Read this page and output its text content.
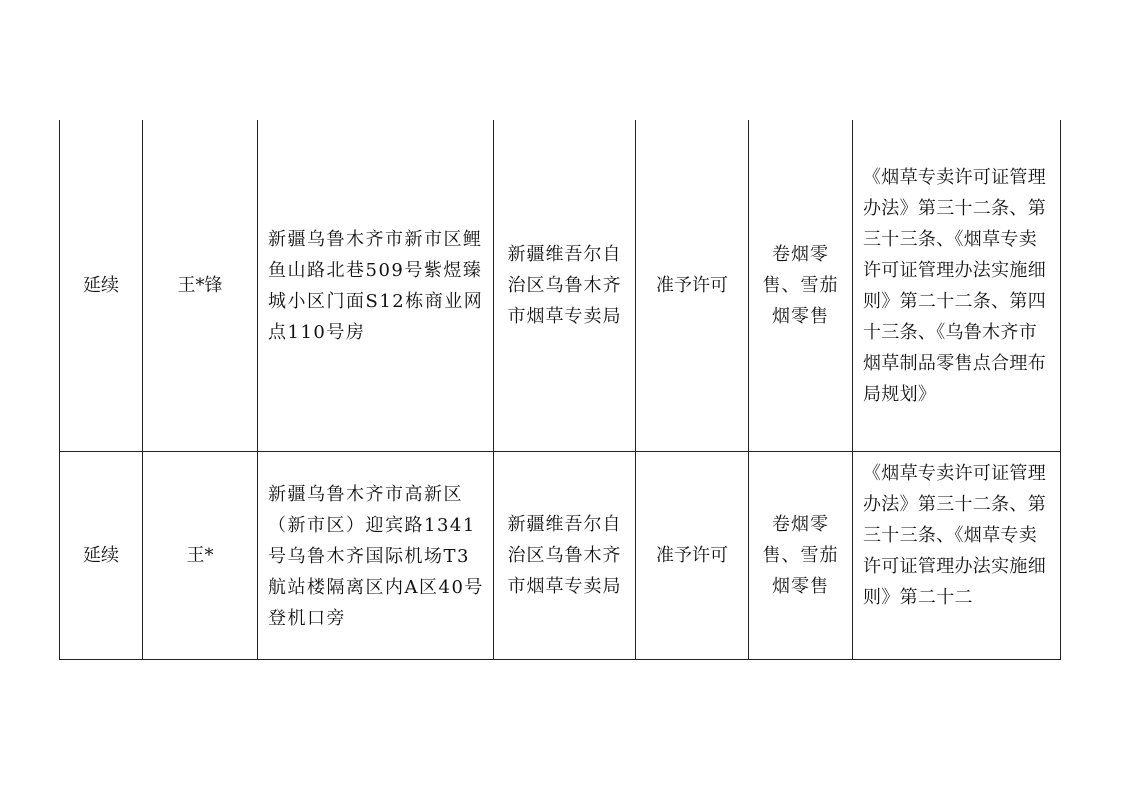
延续	王*锋	新疆乌鲁木齐市新市区鲤鱼山路北巷509号紫煜臻城小区门面S12栋商业网点110号房	新疆维吾尔自治区乌鲁木齐市烟草专卖局	准予许可	卷烟零售、雪茄烟零售	《烟草专卖许可证管理办法》第三十二条、第三十三条、《烟草专卖许可证管理办法实施细则》第二十二条、第四十三条、《乌鲁木齐市烟草制品零售点合理布局规划》

延续	王*	新疆乌鲁木齐市高新区（新市区）迎宾路1341号乌鲁木齐国际机场T3航站楼隔离区内A区40号登机口旁	新疆维吾尔自治区乌鲁木齐市烟草专卖局	准予许可	卷烟零售、雪茄烟零售	《烟草专卖许可证管理办法》第三十二条、第三十三条、《烟草专卖许可证管理办法实施细则》第二十二
